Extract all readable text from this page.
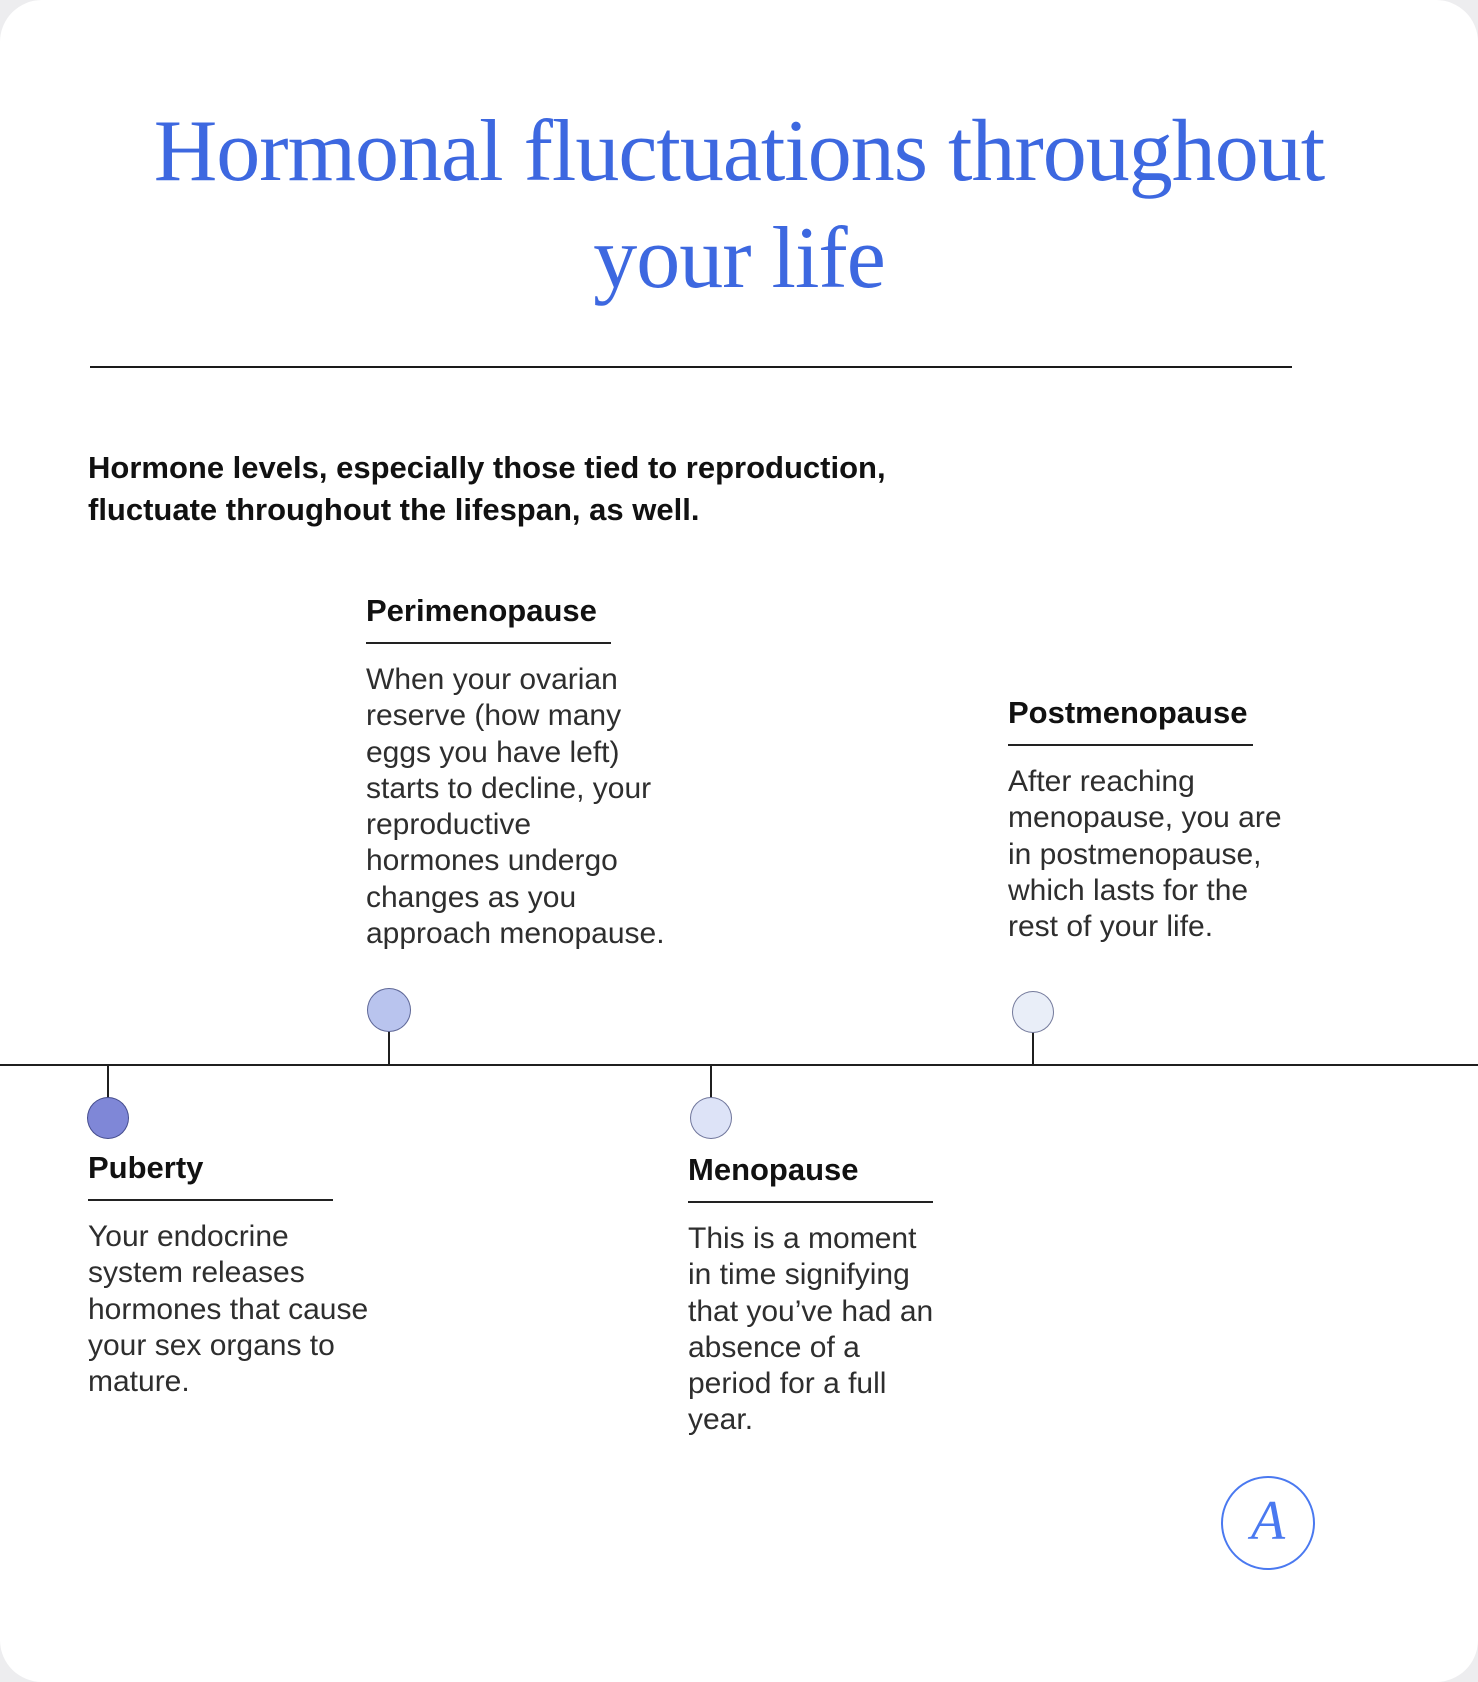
Hormonal fluctuations throughout your life

Hormone levels, especially those tied to reproduction, fluctuate throughout the lifespan, as well.

Perimenopause

When your ovarian reserve (how many eggs you have left) starts to decline, your reproductive hormones undergo changes as you approach menopause.

Postmenopause

After reaching menopause, you are in postmenopause, which lasts for the rest of your life.

Puberty

Your endocrine system releases hormones that cause your sex organs to mature.

Menopause

This is a moment in time signifying that you’ve had an absence of a period for a full year.

A
